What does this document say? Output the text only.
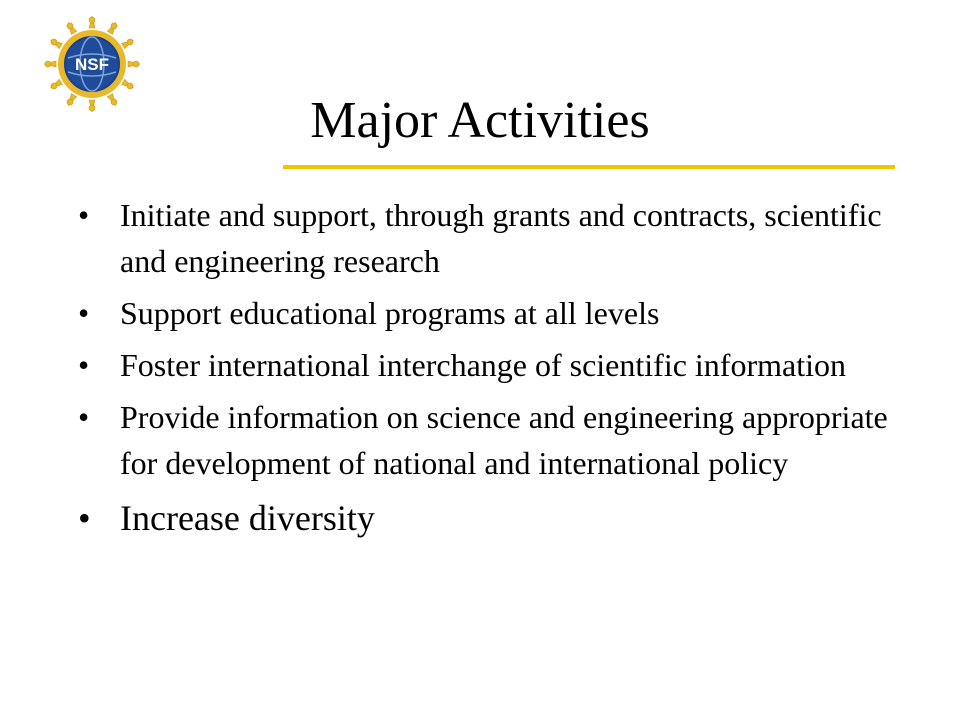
NSF
Major Activities
• Initiate and support, through grants and contracts, scientific and engineering research
• Support educational programs at all levels
• Foster international interchange of scientific information
• Provide information on science and engineering appropriate for development of national and international policy
• Increase diversity
